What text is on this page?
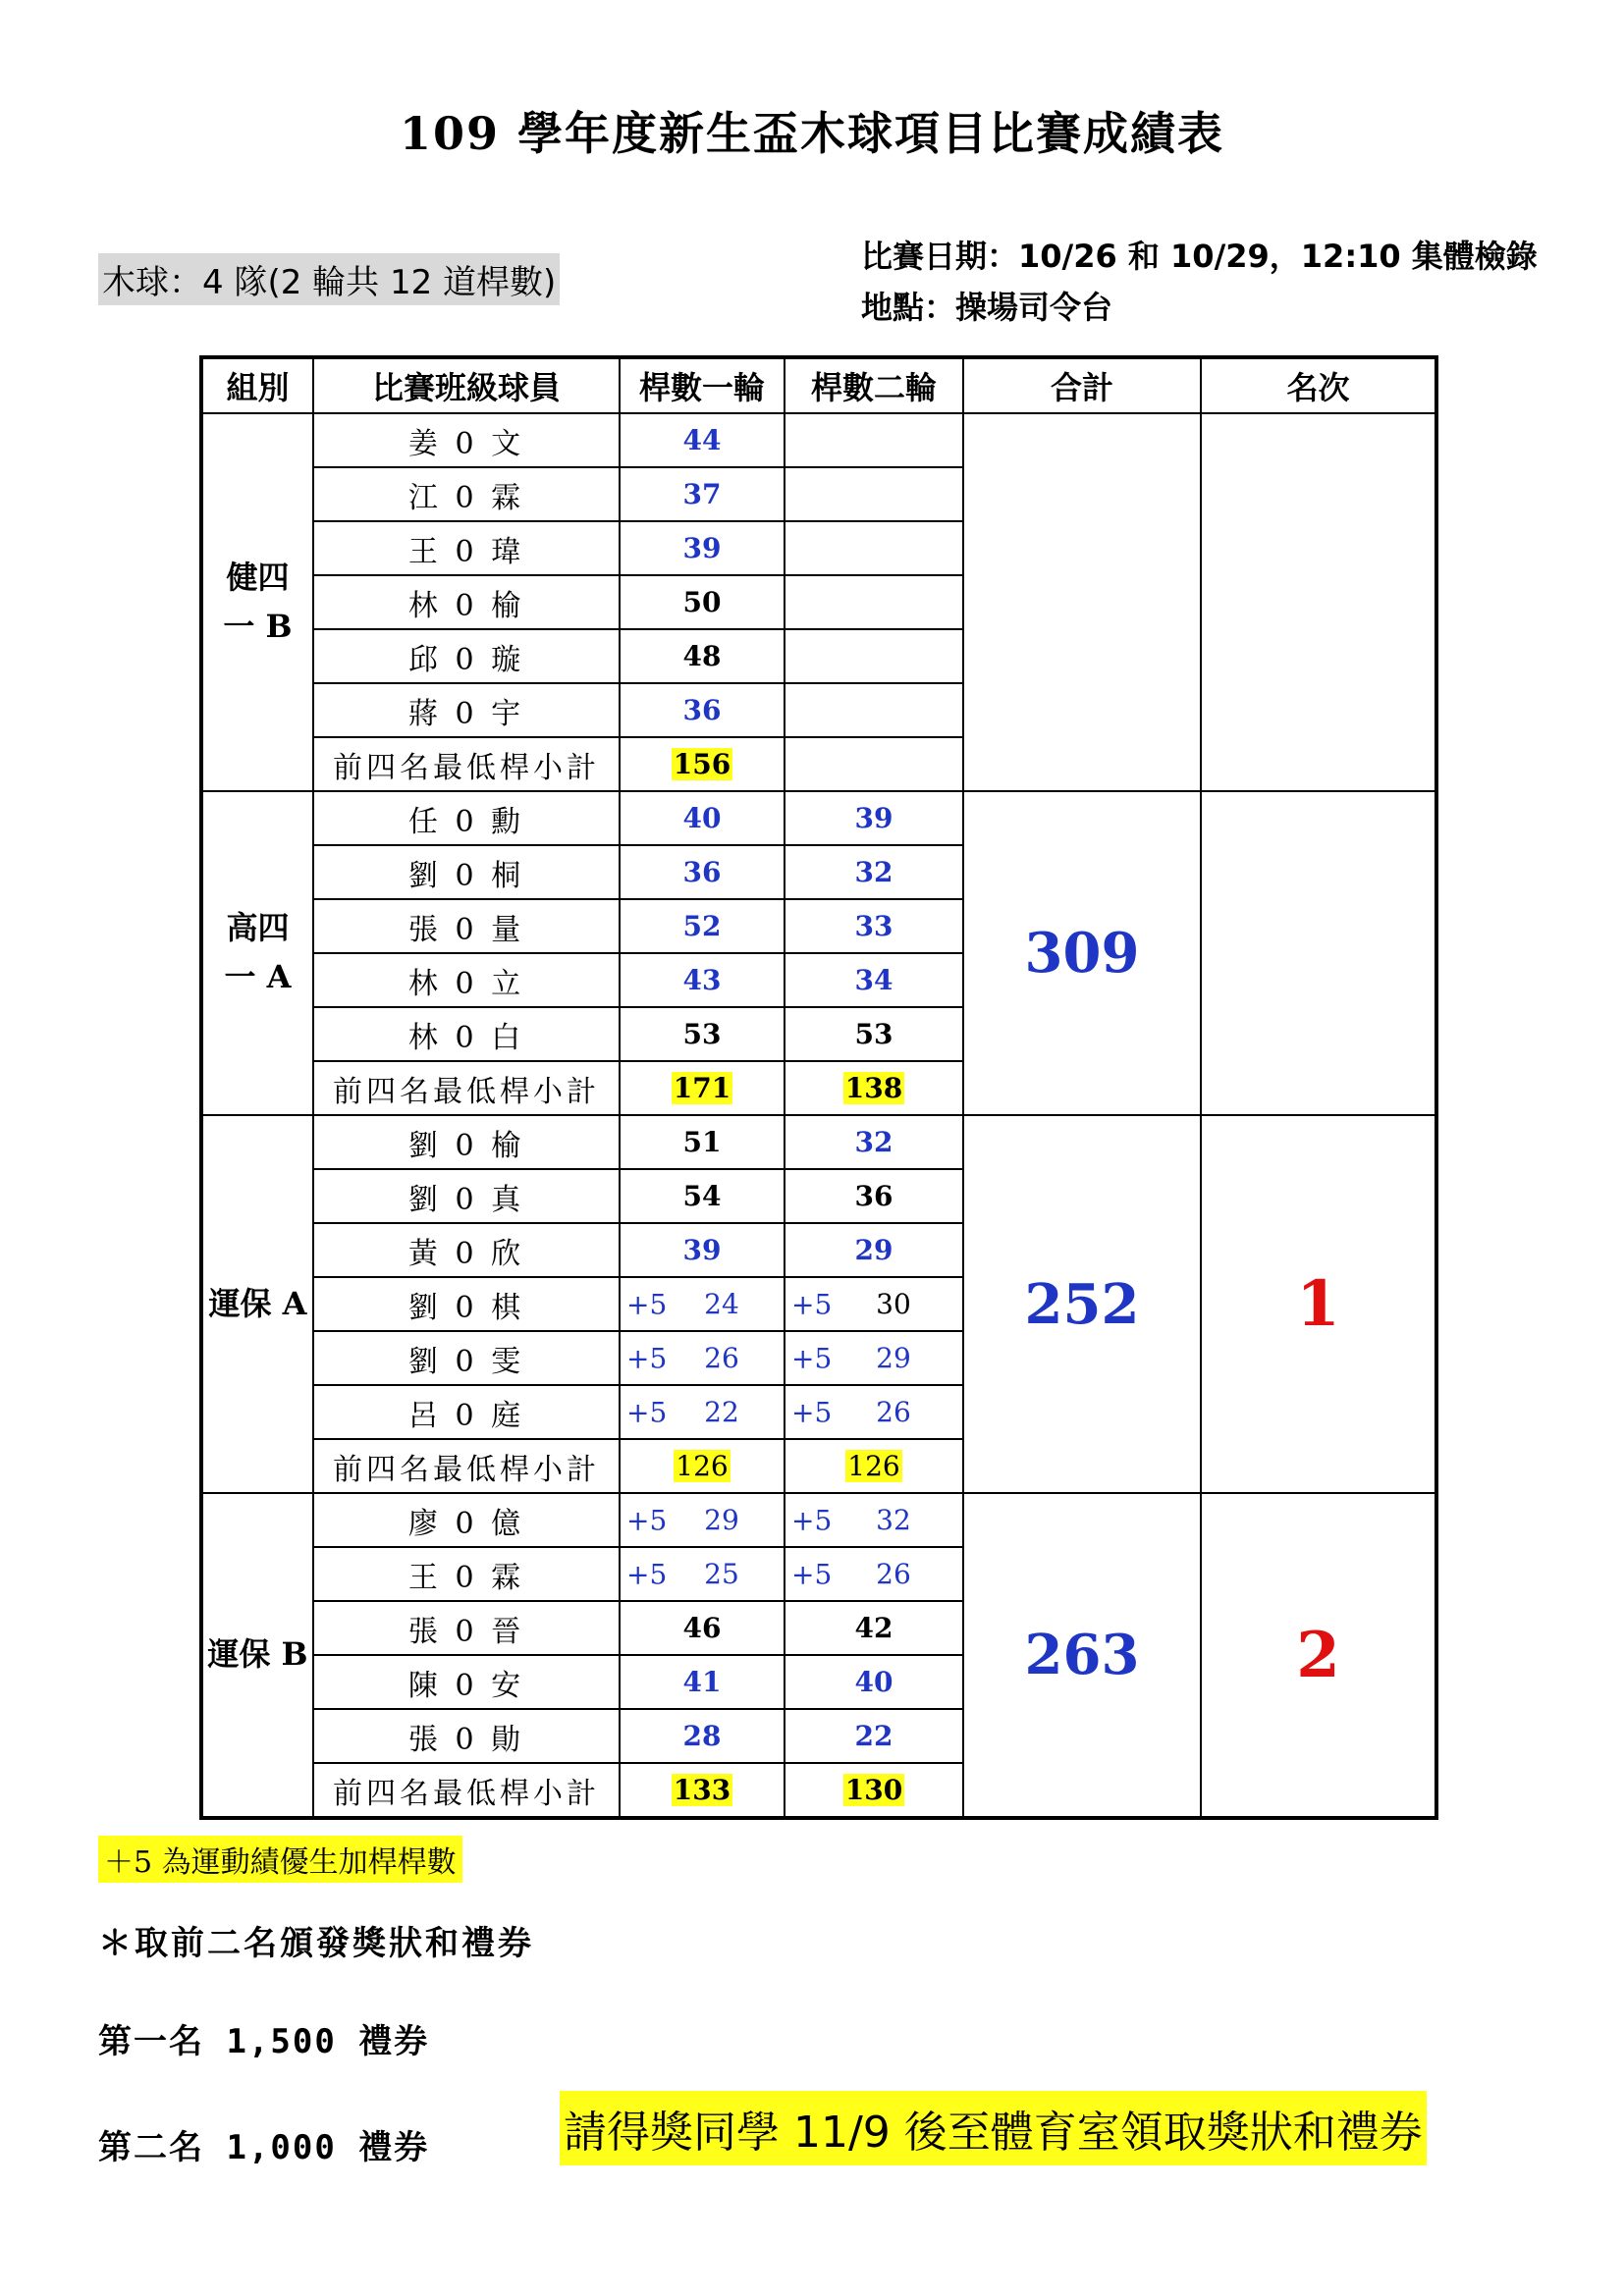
109 學年度新生盃木球項目比賽成績表
木球：4 隊(2 輪共 12 道桿數)
比賽日期：10/26 和 10/29，12:10 集體檢錄
地點：操場司令台
組別	比賽班級球員	桿數一輪	桿數二輪	合計	名次
健四
一 B	姜 0 文	44			
	江 0 霖	37			
	王 0 瑋	39			
	林 0 榆	50			
	邱 0 璇	48			
	蔣 0 宇	36			
	前四名最低桿小計	156			
高四
一 A	任 0 勳	40	39	309	
	劉 0 桐	36	32		
	張 0 量	52	33		
	林 0 立	43	34		
	林 0 白	53	53		
	前四名最低桿小計	171	138		
運保 A	劉 0 榆	51	32	252	1
	劉 0 真	54	36		
	黃 0 欣	39	29		
	劉 0 棋	+5 24	+5 30		
	劉 0 雯	+5 26	+5 29		
	呂 0 庭	+5 22	+5 26		
	前四名最低桿小計	126	126		
運保 B	廖 0 億	+5 29	+5 32	263	2
	王 0 霖	+5 25	+5 26		
	張 0 晉	46	42		
	陳 0 安	41	40		
	張 0 勛	28	22		
	前四名最低桿小計	133	130		
＋5 為運動績優生加桿桿數
＊取前二名頒發獎狀和禮券
第一名 1,500 禮券
第二名 1,000 禮券	請得獎同學 11/9 後至體育室領取獎狀和禮券
